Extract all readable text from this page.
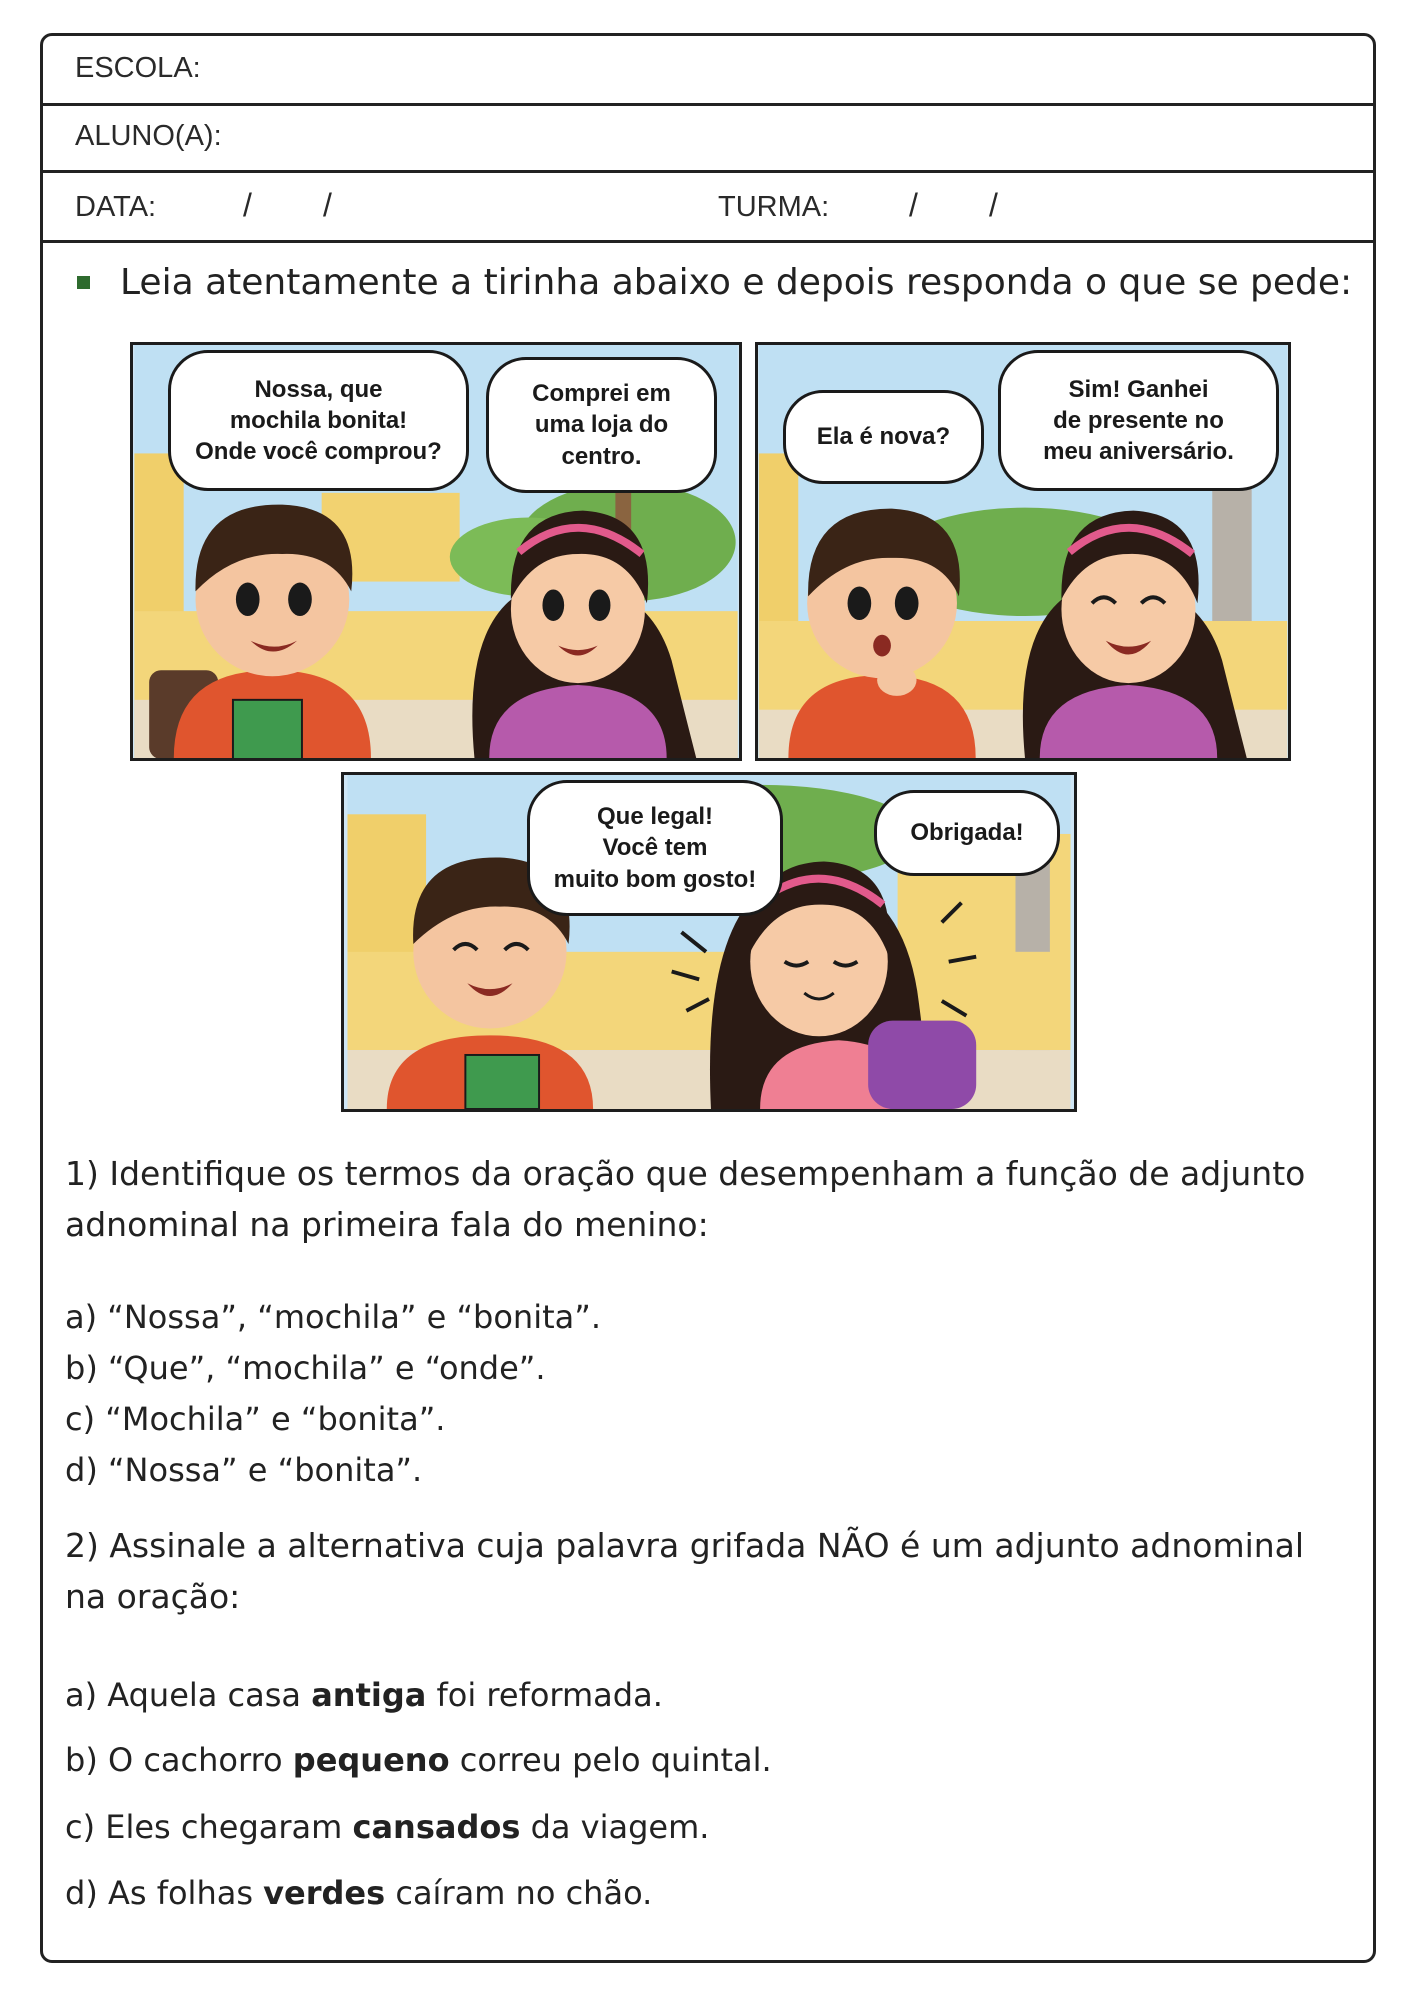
ESCOLA:
ALUNO(A):
DATA:	/        /	TURMA: /        /
Leia atentamente a tirinha abaixo e depois responda o que se pede:
Nossa, que
mochila bonita!
Onde você comprou?
Comprei em
uma loja do
centro.
Ela é nova?
Sim! Ganhei
de presente no
meu aniversário.
Que legal!
Você tem
muito bom gosto!
Obrigada!
1) Identifique os termos da oração que desempenham a função de adjunto
adnominal na primeira fala do menino:
a) “Nossa”, “mochila” e “bonita”.
b) “Que”, “mochila” e “onde”.
c) “Mochila” e “bonita”.
d) “Nossa” e “bonita”.
2) Assinale a alternativa cuja palavra grifada NÃO é um adjunto adnominal
na oração:
a) Aquela casa antiga foi reformada.
b) O cachorro pequeno correu pelo quintal.
c) Eles chegaram cansados da viagem.
d) As folhas verdes caíram no chão.
